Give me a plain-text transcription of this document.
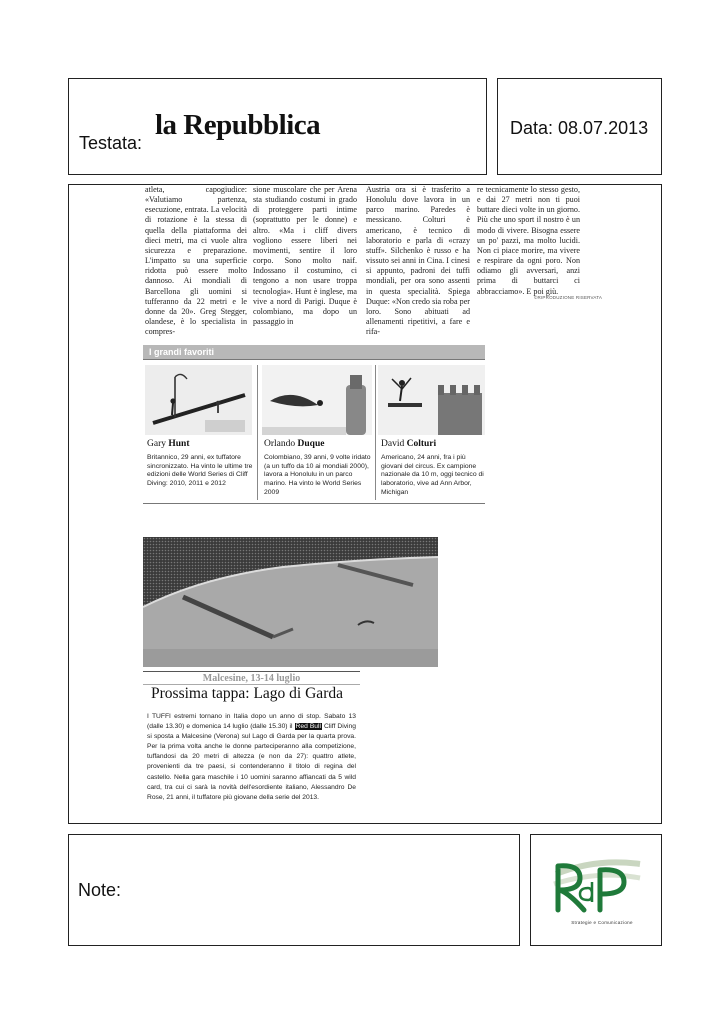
Testata:
la Repubblica	Data: 08.07.2013

atleta, capogiudice: «Valutiamo partenza, esecuzione, entrata. La velocità di rotazione è la stessa di quella della piattaforma dei dieci metri, ma ci vuole altra sicurezza e preparazione. L'impatto su una superficie ridotta può essere molto dannoso. Ai mondiali di Barcellona gli uomini si tufferanno da 22 metri e le donne da 20». Greg Stegger, olandese, è lo specialista in compres-

sione muscolare che per Arena sta studiando costumi in grado di proteggere parti intime (soprattutto per le donne) e altro. «Ma i cliff divers vogliono essere liberi nei movimenti, sentire il loro corpo. Sono molto naif. Indossano il costumino, ci tengono a non usare troppa tecnologia». Hunt è inglese, ma vive a nord di Parigi. Duque è colombiano, ma dopo un passaggio in

Austria ora si è trasferito a Honolulu dove lavora in un parco marino. Paredes è messicano. Colturi è americano, è tecnico di laboratorio e parla di «crazy stuff». Silchenko è russo e ha vissuto sei anni in Cina. I cinesi si appunto, padroni dei tuffi mondiali, per ora sono assenti in questa specialità. Spiega Duque: «Non credo sia roba per loro. Sono abituati ad allenamenti ripetitivi, a fare e rifa-

re tecnicamente lo stesso gesto, e dai 27 metri non ti puoi buttare dieci volte in un giorno. Più che uno sport il nostro è un modo di vivere. Bisogna essere un po' pazzi, ma molto lucidi. Non ci piace morire, ma vivere e respirare da ogni poro. Non odiamo gli avversari, anzi prima di buttarci ci abbracciamo». E poi giù.

©RIPRODUZIONE RISERVATA
I grandi favoriti
Gary Hunt	Orlando Duque	David Colturi
Britannico, 29 anni, ex tuffatore sincronizzato. Ha vinto le ultime tre edizioni delle World Series di Cliff Diving: 2010, 2011 e 2012
Colombiano, 39 anni, 9 volte iridato (a un tuffo da 10 ai mondiali 2000), lavora a Honolulu in un parco marino. Ha vinto le World Series 2009
Americano, 24 anni, fra i più giovani del circus. Ex campione nazionale da 10 m, oggi tecnico di laboratorio, vive ad Ann Arbor, Michigan
Malcesine, 13-14 luglio
Prossima tappa: Lago di Garda
I TUFFI estremi tornano in Italia dopo un anno di stop. Sabato 13 (dalle 13.30) e domenica 14 luglio (dalle 15.30) il Red Bull Cliff Diving si sposta a Malcesine (Verona) sul Lago di Garda per la quarta prova. Per la prima volta anche le donne parteciperanno alla competizione, tuffandosi da 20 metri di altezza (e non da 27): quattro atlete, provenienti da tre paesi, si contenderanno il titolo di regina del castello. Nella gara maschile i 10 uomini saranno affiancati da 5 wild card, tra cui ci sarà la novità dell'esordiente italiano, Alessandro De Rose, 21 anni, il tuffatore più giovane della serie del 2013.
Note:
Strategie e Comunicazione
